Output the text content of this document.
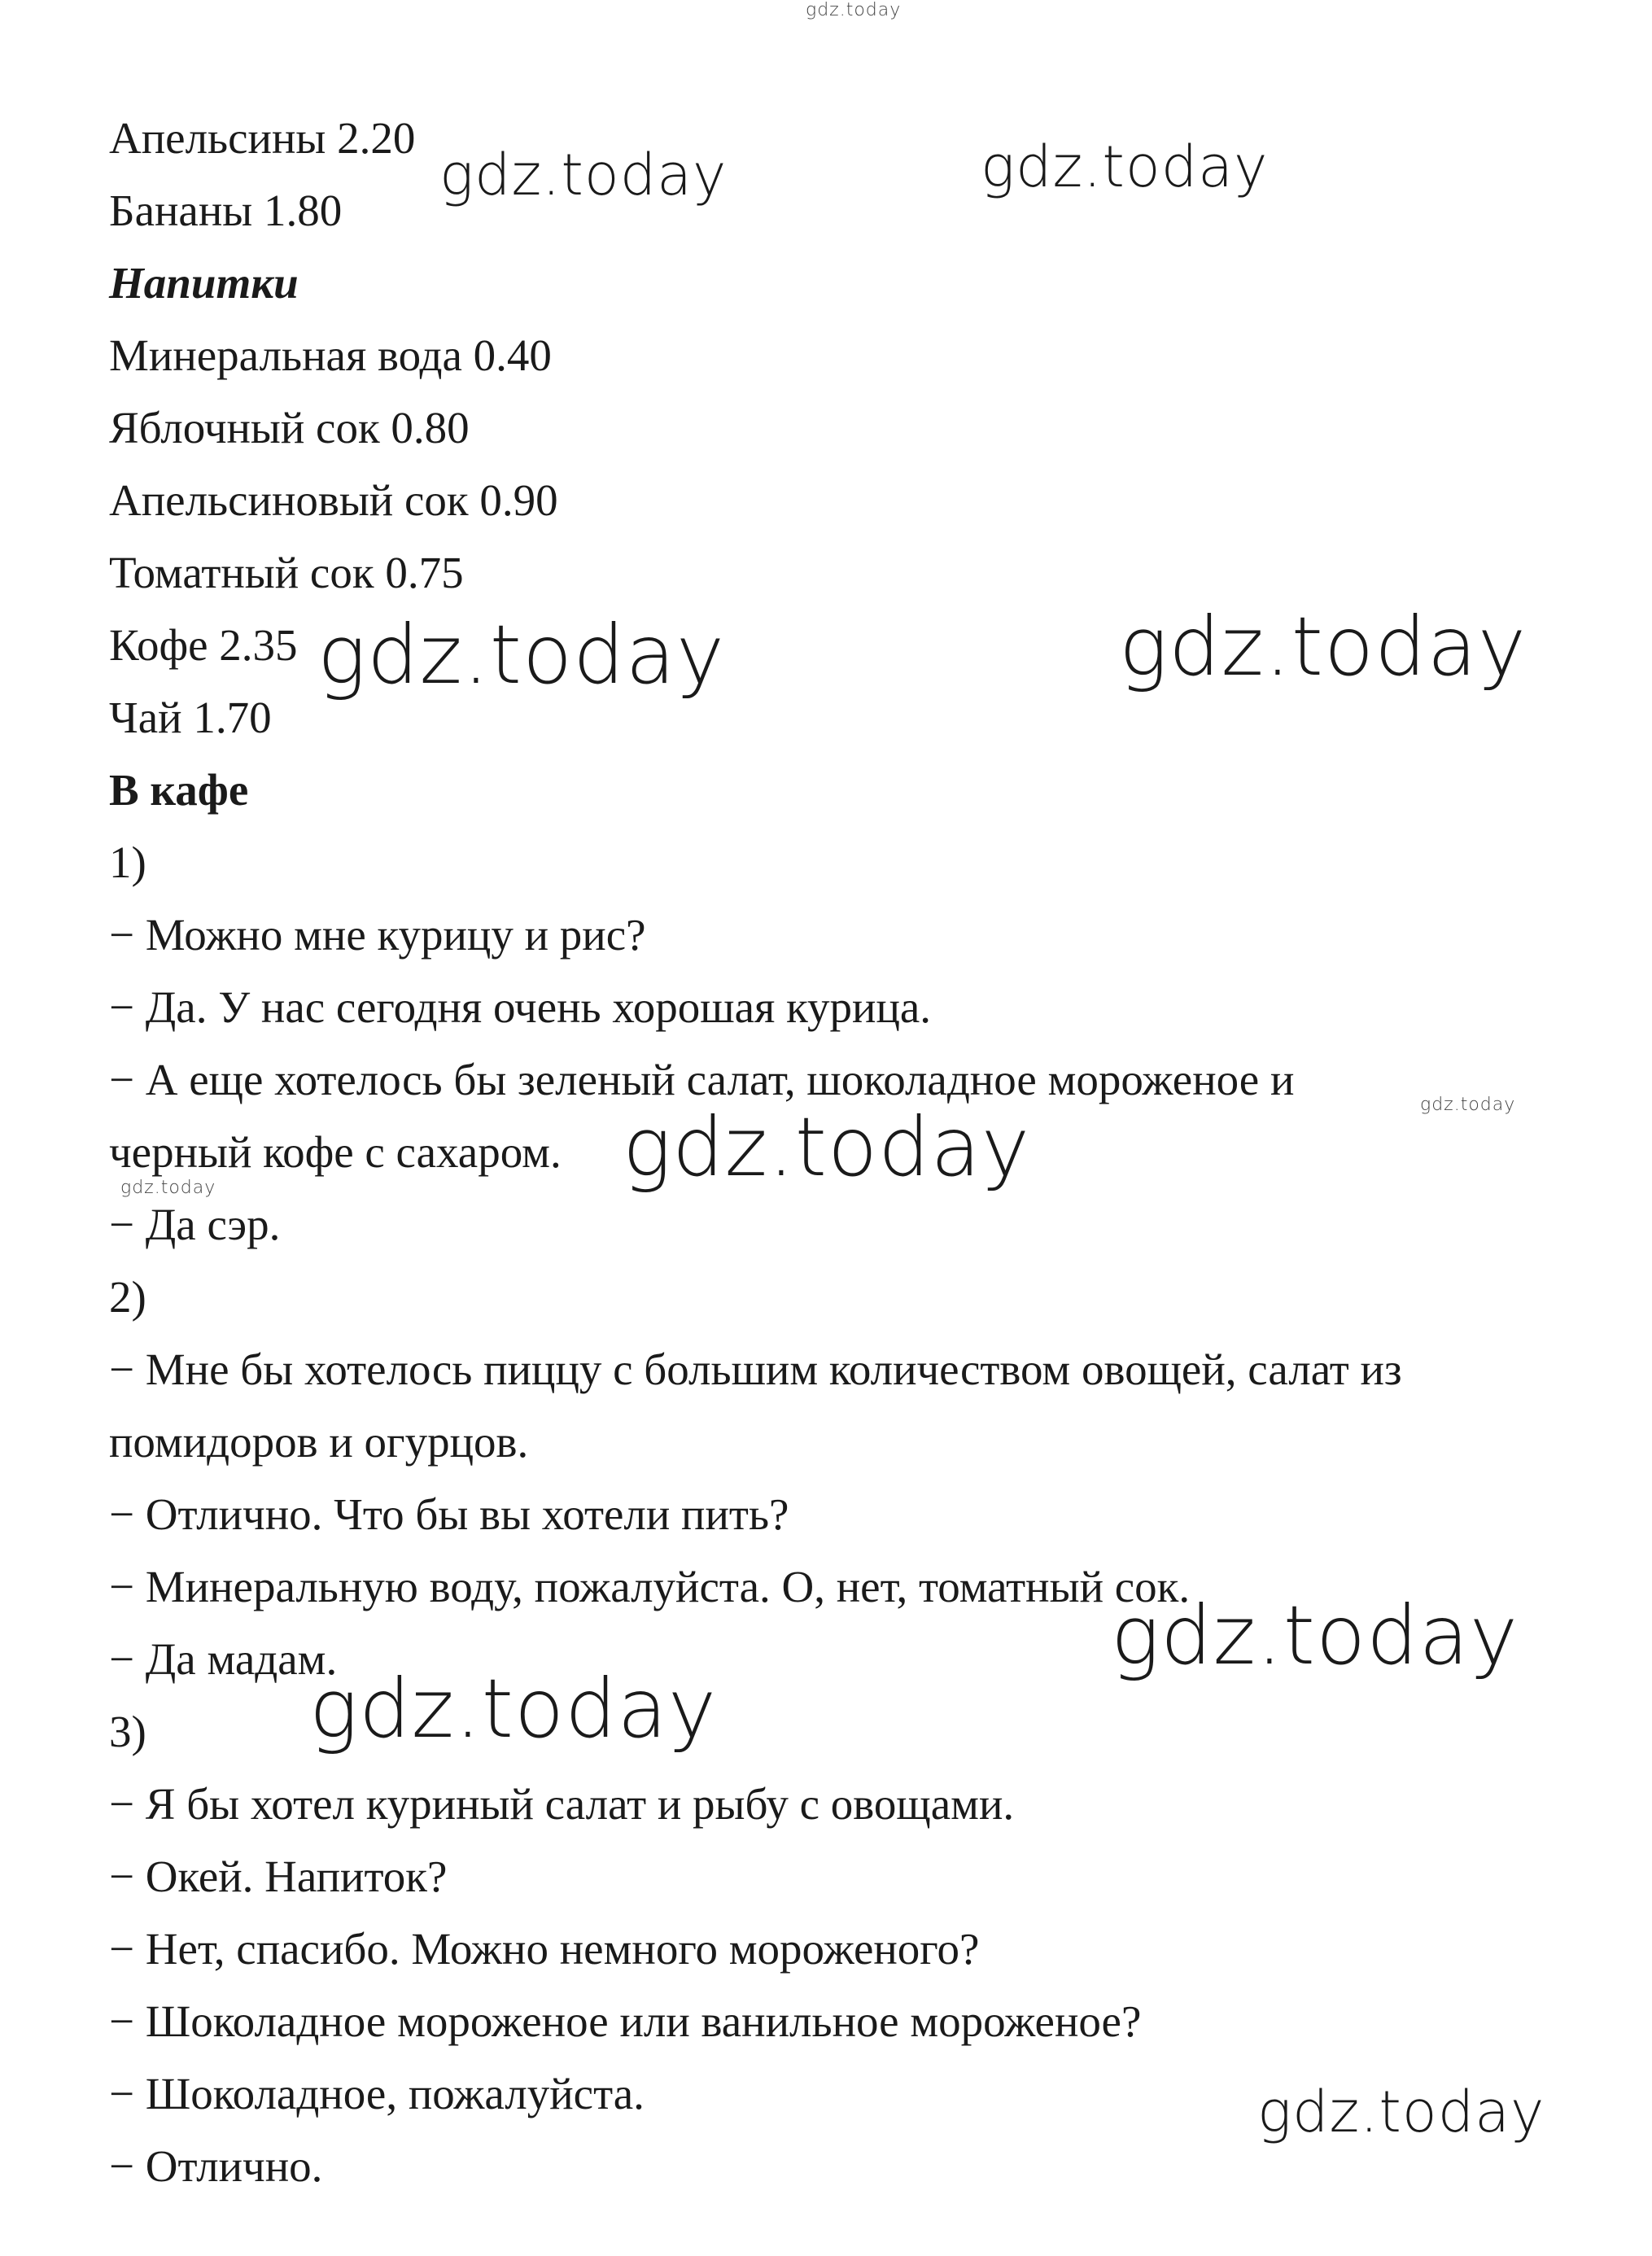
Апельсины 2.20
Бананы 1.80
Напитки
Минеральная вода 0.40
Яблочный сок 0.80
Апельсиновый сок 0.90
Томатный сок 0.75
Кофе 2.35
Чай 1.70
В кафе
1)
− Можно мне курицу и рис?
− Да. У нас сегодня очень хорошая курица.
− А еще хотелось бы зеленый салат, шоколадное мороженое и
черный кофе с сахаром.
− Да сэр.
2)
− Мне бы хотелось пиццу с большим количеством овощей, салат из
помидоров и огурцов.
− Отлично. Что бы вы хотели пить?
− Минеральную воду, пожалуйста. О, нет, томатный сок.
− Да мадам.
3)
− Я бы хотел куриный салат и рыбу с овощами.
− Окей. Напиток?
− Нет, спасибо. Можно немного мороженого?
− Шоколадное мороженое или ванильное мороженое?
− Шоколадное, пожалуйста.
− Отлично.
gdz.today
gdz.today	gdz.today
gdz.today	gdz.today
gdz.today
gdz.today
gdz.today
gdz.today
gdz.today
gdz.today
